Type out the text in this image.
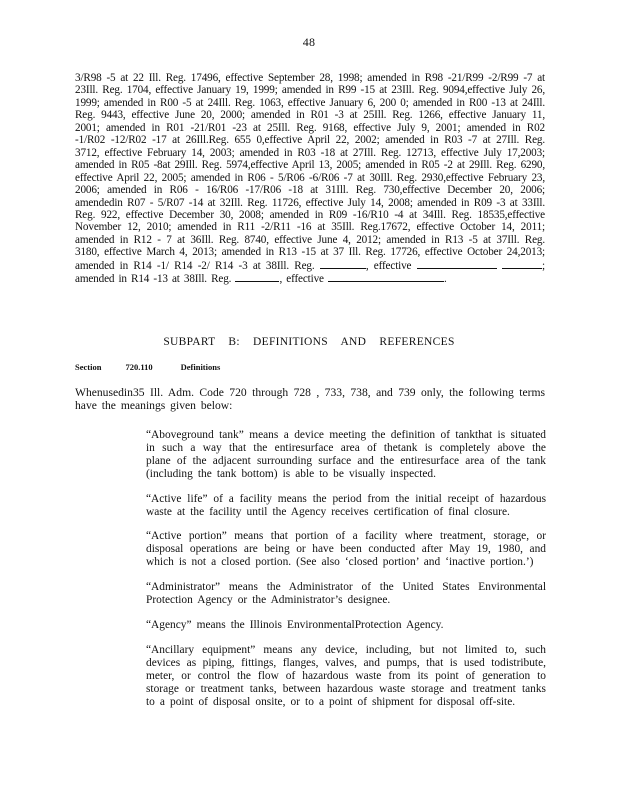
48

3/R98 -5 at 22 Ill. Reg. 17496, effective September 28, 1998; amended in R98 -21/R99 -2/R99 -7 at 23Ill. Reg. 1704, effective January 19, 1999; amended in R99 -15 at 23Ill. Reg. 9094,effective July 26, 1999; amended in R00 -5 at 24Ill. Reg. 1063, effective January 6, 200 0; amended in R00 -13 at 24Ill. Reg. 9443, effective June 20, 2000; amended in R01 -3 at 25Ill. Reg. 1266, effective January 11, 2001; amended in R01 -21/R01 -23 at 25Ill. Reg. 9168, effective July 9, 2001; amended in R02 -1/R02 -12/R02 -17 at 26Ill.Reg. 655 0,effective April 22, 2002; amended in R03 -7 at 27Ill. Reg. 3712, effective February 14, 2003; amended in R03 -18 at 27Ill. Reg. 12713, effective July 17,2003; amended in R05 -8at 29Ill. Reg. 5974,effective April 13, 2005; amended in R05 -2 at 29Ill. Reg. 6290, effective April 22, 2005; amended in R06 - 5/R06 -6/R06 -7 at 30Ill. Reg. 2930,effective February 23, 2006; amended in R06 - 16/R06 -17/R06 -18 at 31Ill. Reg. 730,effective December 20, 2006; amendedin R07 - 5/R07 -14 at 32Ill. Reg. 11726, effective July 14, 2008; amended in R09 -3 at 33Ill. Reg. 922, effective December 30, 2008; amended in R09 -16/R10 -4 at 34Ill. Reg. 18535,effective November 12, 2010; amended in R11 -2/R11 -16 at 35Ill. Reg.17672, effective October 14, 2011; amended in R12 - 7 at 36Ill. Reg. 8740, effective June 4, 2012; amended in R13 -5 at 37Ill. Reg. 3180, effective March 4, 2013; amended in R13 -15 at 37 Ill. Reg. 17726, effective October 24,2013; amended in R14 -1/ R14 -2/ R14 -3 at 38Ill. Reg.	, effective	; amended in R14 -13 at 38Ill. Reg.	, effective	.

SUBPART B: DEFINITIONS AND REFERENCES
Section	720.110	Definitions

Whenusedin35 Ill. Adm. Code 720 through 728 , 733, 738, and 739 only, the following terms have the meanings given below:

“Aboveground tank” means a device meeting the definition of tankthat is situated in such a way that the entiresurface area of thetank is completely above the plane of the adjacent surrounding surface and the entiresurface area of the tank (including the tank bottom) is able to be visually inspected.

“Active life” of a facility means the period from the initial receipt of hazardous waste at the facility until the Agency receives certification of final closure.

“Active portion” means that portion of a facility where treatment, storage, or disposal operations are being or have been conducted after May 19, 1980, and which is not a closed portion. (See also ‘closed portion’ and ‘inactive portion.’)

“Administrator” means the Administrator of the United States Environmental Protection Agency or the Administrator’s designee.

“Agency” means the Illinois EnvironmentalProtection Agency.

“Ancillary equipment” means any device, including, but not limited to, such devices as piping, fittings, flanges, valves, and pumps, that is used todistribute, meter, or control the flow of hazardous waste from its point of generation to storage or treatment tanks, between hazardous waste storage and treatment tanks to a point of disposal onsite, or to a point of shipment for disposal off-site.
